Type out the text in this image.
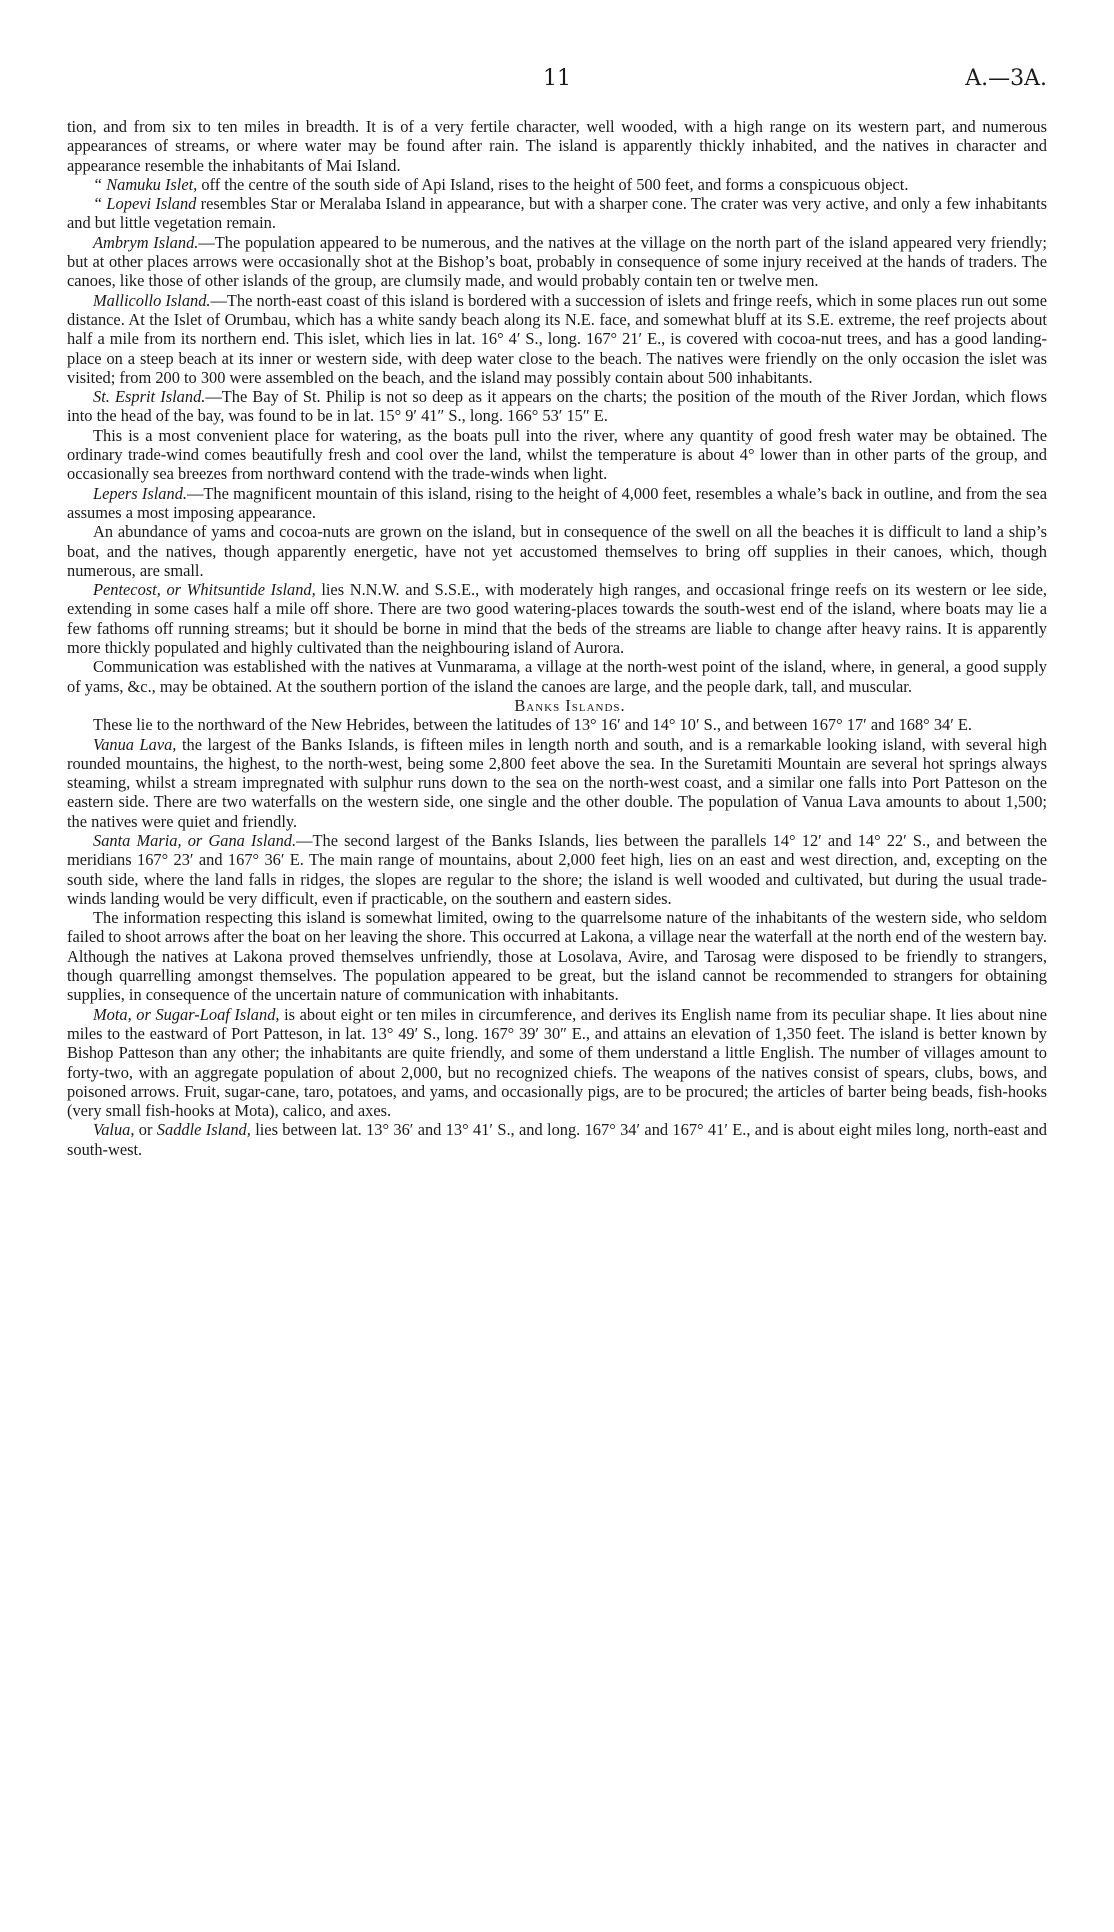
11	A.—3A.

tion, and from six to ten miles in breadth. It is of a very fertile character, well wooded, with a high range on its western part, and numerous appearances of streams, or where water may be found after rain. The island is apparently thickly inhabited, and the natives in character and appearance resemble the inhabitants of Mai Island.

“ Namuku Islet, off the centre of the south side of Api Island, rises to the height of 500 feet, and forms a conspicuous object.

“ Lopevi Island resembles Star or Meralaba Island in appearance, but with a sharper cone. The crater was very active, and only a few inhabitants and but little vegetation remain.

Ambrym Island.—The population appeared to be numerous, and the natives at the village on the north part of the island appeared very friendly; but at other places arrows were occasionally shot at the Bishop’s boat, probably in consequence of some injury received at the hands of traders. The canoes, like those of other islands of the group, are clumsily made, and would probably contain ten or twelve men.

Mallicollo Island.—The north-east coast of this island is bordered with a succession of islets and fringe reefs, which in some places run out some distance. At the Islet of Orumbau, which has a white sandy beach along its N.E. face, and somewhat bluff at its S.E. extreme, the reef projects about half a mile from its northern end. This islet, which lies in lat. 16° 4′ S., long. 167° 21′ E., is covered with cocoa-nut trees, and has a good landing-place on a steep beach at its inner or western side, with deep water close to the beach. The natives were friendly on the only occasion the islet was visited; from 200 to 300 were assembled on the beach, and the island may possibly contain about 500 inhabitants.

St. Esprit Island.—The Bay of St. Philip is not so deep as it appears on the charts; the position of the mouth of the River Jordan, which flows into the head of the bay, was found to be in lat. 15° 9′ 41″ S., long. 166° 53′ 15″ E.

This is a most convenient place for watering, as the boats pull into the river, where any quantity of good fresh water may be obtained. The ordinary trade-wind comes beautifully fresh and cool over the land, whilst the temperature is about 4° lower than in other parts of the group, and occasionally sea breezes from northward contend with the trade-winds when light.

Lepers Island.—The magnificent mountain of this island, rising to the height of 4,000 feet, resembles a whale’s back in outline, and from the sea assumes a most imposing appearance.

An abundance of yams and cocoa-nuts are grown on the island, but in consequence of the swell on all the beaches it is difficult to land a ship’s boat, and the natives, though apparently energetic, have not yet accustomed themselves to bring off supplies in their canoes, which, though numerous, are small.

Pentecost, or Whitsuntide Island, lies N.N.W. and S.S.E., with moderately high ranges, and occasional fringe reefs on its western or lee side, extending in some cases half a mile off shore. There are two good watering-places towards the south-west end of the island, where boats may lie a few fathoms off running streams; but it should be borne in mind that the beds of the streams are liable to change after heavy rains. It is apparently more thickly populated and highly cultivated than the neighbouring island of Aurora.

Communication was established with the natives at Vunmarama, a village at the north-west point of the island, where, in general, a good supply of yams, &c., may be obtained. At the southern portion of the island the canoes are large, and the people dark, tall, and muscular.

Banks Islands.

These lie to the northward of the New Hebrides, between the latitudes of 13° 16′ and 14° 10′ S., and between 167° 17′ and 168° 34′ E.

Vanua Lava, the largest of the Banks Islands, is fifteen miles in length north and south, and is a remarkable looking island, with several high rounded mountains, the highest, to the north-west, being some 2,800 feet above the sea. In the Suretamiti Mountain are several hot springs always steaming, whilst a stream impregnated with sulphur runs down to the sea on the north-west coast, and a similar one falls into Port Patteson on the eastern side. There are two waterfalls on the western side, one single and the other double. The population of Vanua Lava amounts to about 1,500; the natives were quiet and friendly.

Santa Maria, or Gana Island.—The second largest of the Banks Islands, lies between the parallels 14° 12′ and 14° 22′ S., and between the meridians 167° 23′ and 167° 36′ E. The main range of mountains, about 2,000 feet high, lies on an east and west direction, and, excepting on the south side, where the land falls in ridges, the slopes are regular to the shore; the island is well wooded and cultivated, but during the usual trade-winds landing would be very difficult, even if practicable, on the southern and eastern sides.

The information respecting this island is somewhat limited, owing to the quarrelsome nature of the inhabitants of the western side, who seldom failed to shoot arrows after the boat on her leaving the shore. This occurred at Lakona, a village near the waterfall at the north end of the western bay. Although the natives at Lakona proved themselves unfriendly, those at Losolava, Avire, and Tarosag were disposed to be friendly to strangers, though quarrelling amongst themselves. The population appeared to be great, but the island cannot be recommended to strangers for obtaining supplies, in consequence of the uncertain nature of communication with inhabitants.

Mota, or Sugar-Loaf Island, is about eight or ten miles in circumference, and derives its English name from its peculiar shape. It lies about nine miles to the eastward of Port Patteson, in lat. 13° 49′ S., long. 167° 39′ 30″ E., and attains an elevation of 1,350 feet. The island is better known by Bishop Patteson than any other; the inhabitants are quite friendly, and some of them understand a little English. The number of villages amount to forty-two, with an aggregate population of about 2,000, but no recognized chiefs. The weapons of the natives consist of spears, clubs, bows, and poisoned arrows. Fruit, sugar-cane, taro, potatoes, and yams, and occasionally pigs, are to be procured; the articles of barter being beads, fish-hooks (very small fish-hooks at Mota), calico, and axes.

Valua, or Saddle Island, lies between lat. 13° 36′ and 13° 41′ S., and long. 167° 34′ and 167° 41′ E., and is about eight miles long, north-east and south-west.
